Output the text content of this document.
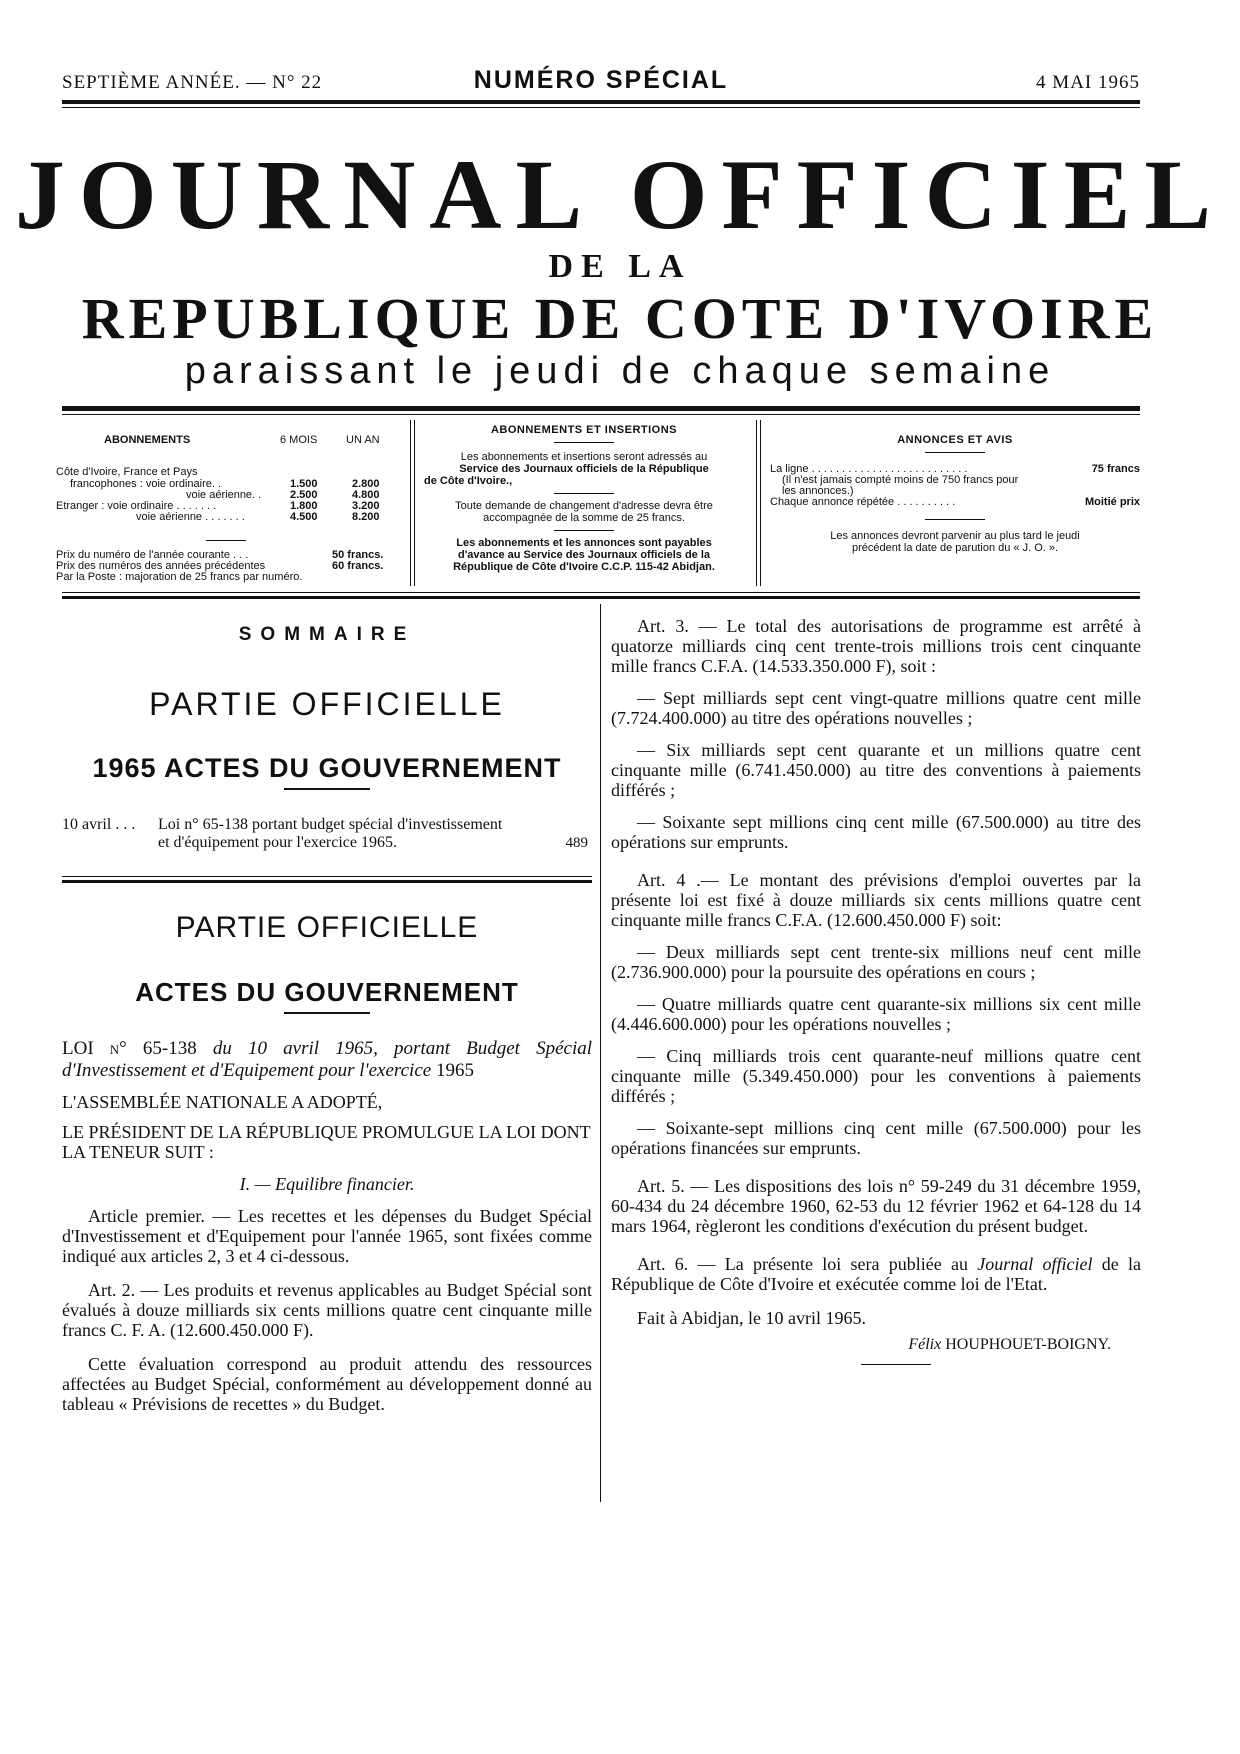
SEPTIÈME ANNÉE. — N° 22	NUMÉRO SPÉCIAL	4 MAI 1965
JOURNAL OFFICIEL
DE LA
REPUBLIQUE DE COTE D'IVOIRE
paraissant le jeudi de chaque semaine
ABONNEMENTS	6 MOIS	UN AN
Côte d'Ivoire, France et Pays
francophones : voie ordinaire. .	1.500	2.800
voie aérienne. .	2.500	4.800
Etranger : voie ordinaire . . . . . . .	1.800	3.200
voie aérienne . . . . . . .	4.500	8.200
Prix du numéro de l'année courante . . .	50 francs.
Prix des numéros des années précédentes	60 francs.
Par la Poste : majoration de 25 francs par numéro.
ABONNEMENTS ET INSERTIONS
Les abonnements et insertions seront adressés au
Service des Journaux officiels de la République
de Côte d'Ivoire.,
Toute demande de changement d'adresse devra être
accompagnée de la somme de 25 francs.
Les abonnements et les annonces sont payables
d'avance au Service des Journaux officiels de la
République de Côte d'Ivoire C.C.P. 115-42 Abidjan.
ANNONCES ET AVIS
La ligne . . . . . . . . . . . . . . . . . . . . . . . . . .	75 francs
(Il n'est jamais compté moins de 750 francs pour
les annonces.)
Chaque annonce répétée . . . . . . . . . .	Moitié prix
Les annonces devront parvenir au plus tard le jeudi
précédent la date de parution du « J. O. ».
SOMMAIRE
PARTIE OFFICIELLE
1965 ACTES DU GOUVERNEMENT
10 avril . . . Loi n° 65-138 portant budget spécial d'investissement et d'équipement pour l'exercice 1965.	489
PARTIE OFFICIELLE
ACTES DU GOUVERNEMENT

LOI n° 65-138 du 10 avril 1965, portant Budget Spécial d'Investissement et d'Equipement pour l'exercice 1965

L'ASSEMBLÉE NATIONALE A ADOPTÉ,

LE PRÉSIDENT DE LA RÉPUBLIQUE PROMULGUE LA LOI DONT LA TENEUR SUIT :

I. — Equilibre financier.

Article premier. — Les recettes et les dépenses du Budget Spécial d'Investissement et d'Equipement pour l'année 1965, sont fixées comme indiqué aux articles 2, 3 et 4 ci-dessous.

Art. 2. — Les produits et revenus applicables au Budget Spécial sont évalués à douze milliards six cents millions quatre cent cinquante mille francs C. F. A. (12.600.450.000 F).

Cette évaluation correspond au produit attendu des ressources affectées au Budget Spécial, conformément au développement donné au tableau « Prévisions de recettes » du Budget.

Art. 3. — Le total des autorisations de programme est arrêté à quatorze milliards cinq cent trente-trois millions trois cent cinquante mille francs C.F.A. (14.533.350.000 F), soit :

— Sept milliards sept cent vingt-quatre millions quatre cent mille (7.724.400.000) au titre des opérations nouvelles ;

— Six milliards sept cent quarante et un millions quatre cent cinquante mille (6.741.450.000) au titre des conventions à paiements différés ;

— Soixante sept millions cinq cent mille (67.500.000) au titre des opérations sur emprunts.

Art. 4 .— Le montant des prévisions d'emploi ouvertes par la présente loi est fixé à douze milliards six cents millions quatre cent cinquante mille francs C.F.A. (12.600.450.000 F) soit:

— Deux milliards sept cent trente-six millions neuf cent mille (2.736.900.000) pour la poursuite des opérations en cours ;

— Quatre milliards quatre cent quarante-six millions six cent mille (4.446.600.000) pour les opérations nouvelles ;

— Cinq milliards trois cent quarante-neuf millions quatre cent cinquante mille (5.349.450.000) pour les conventions à paiements différés ;

— Soixante-sept millions cinq cent mille (67.500.000) pour les opérations financées sur emprunts.

Art. 5. — Les dispositions des lois n° 59-249 du 31 décembre 1959, 60-434 du 24 décembre 1960, 62-53 du 12 février 1962 et 64-128 du 14 mars 1964, règleront les conditions d'exécution du présent budget.

Art. 6. — La présente loi sera publiée au Journal officiel de la République de Côte d'Ivoire et exécutée comme loi de l'Etat.

Fait à Abidjan, le 10 avril 1965.

Félix HOUPHOUET-BOIGNY.
